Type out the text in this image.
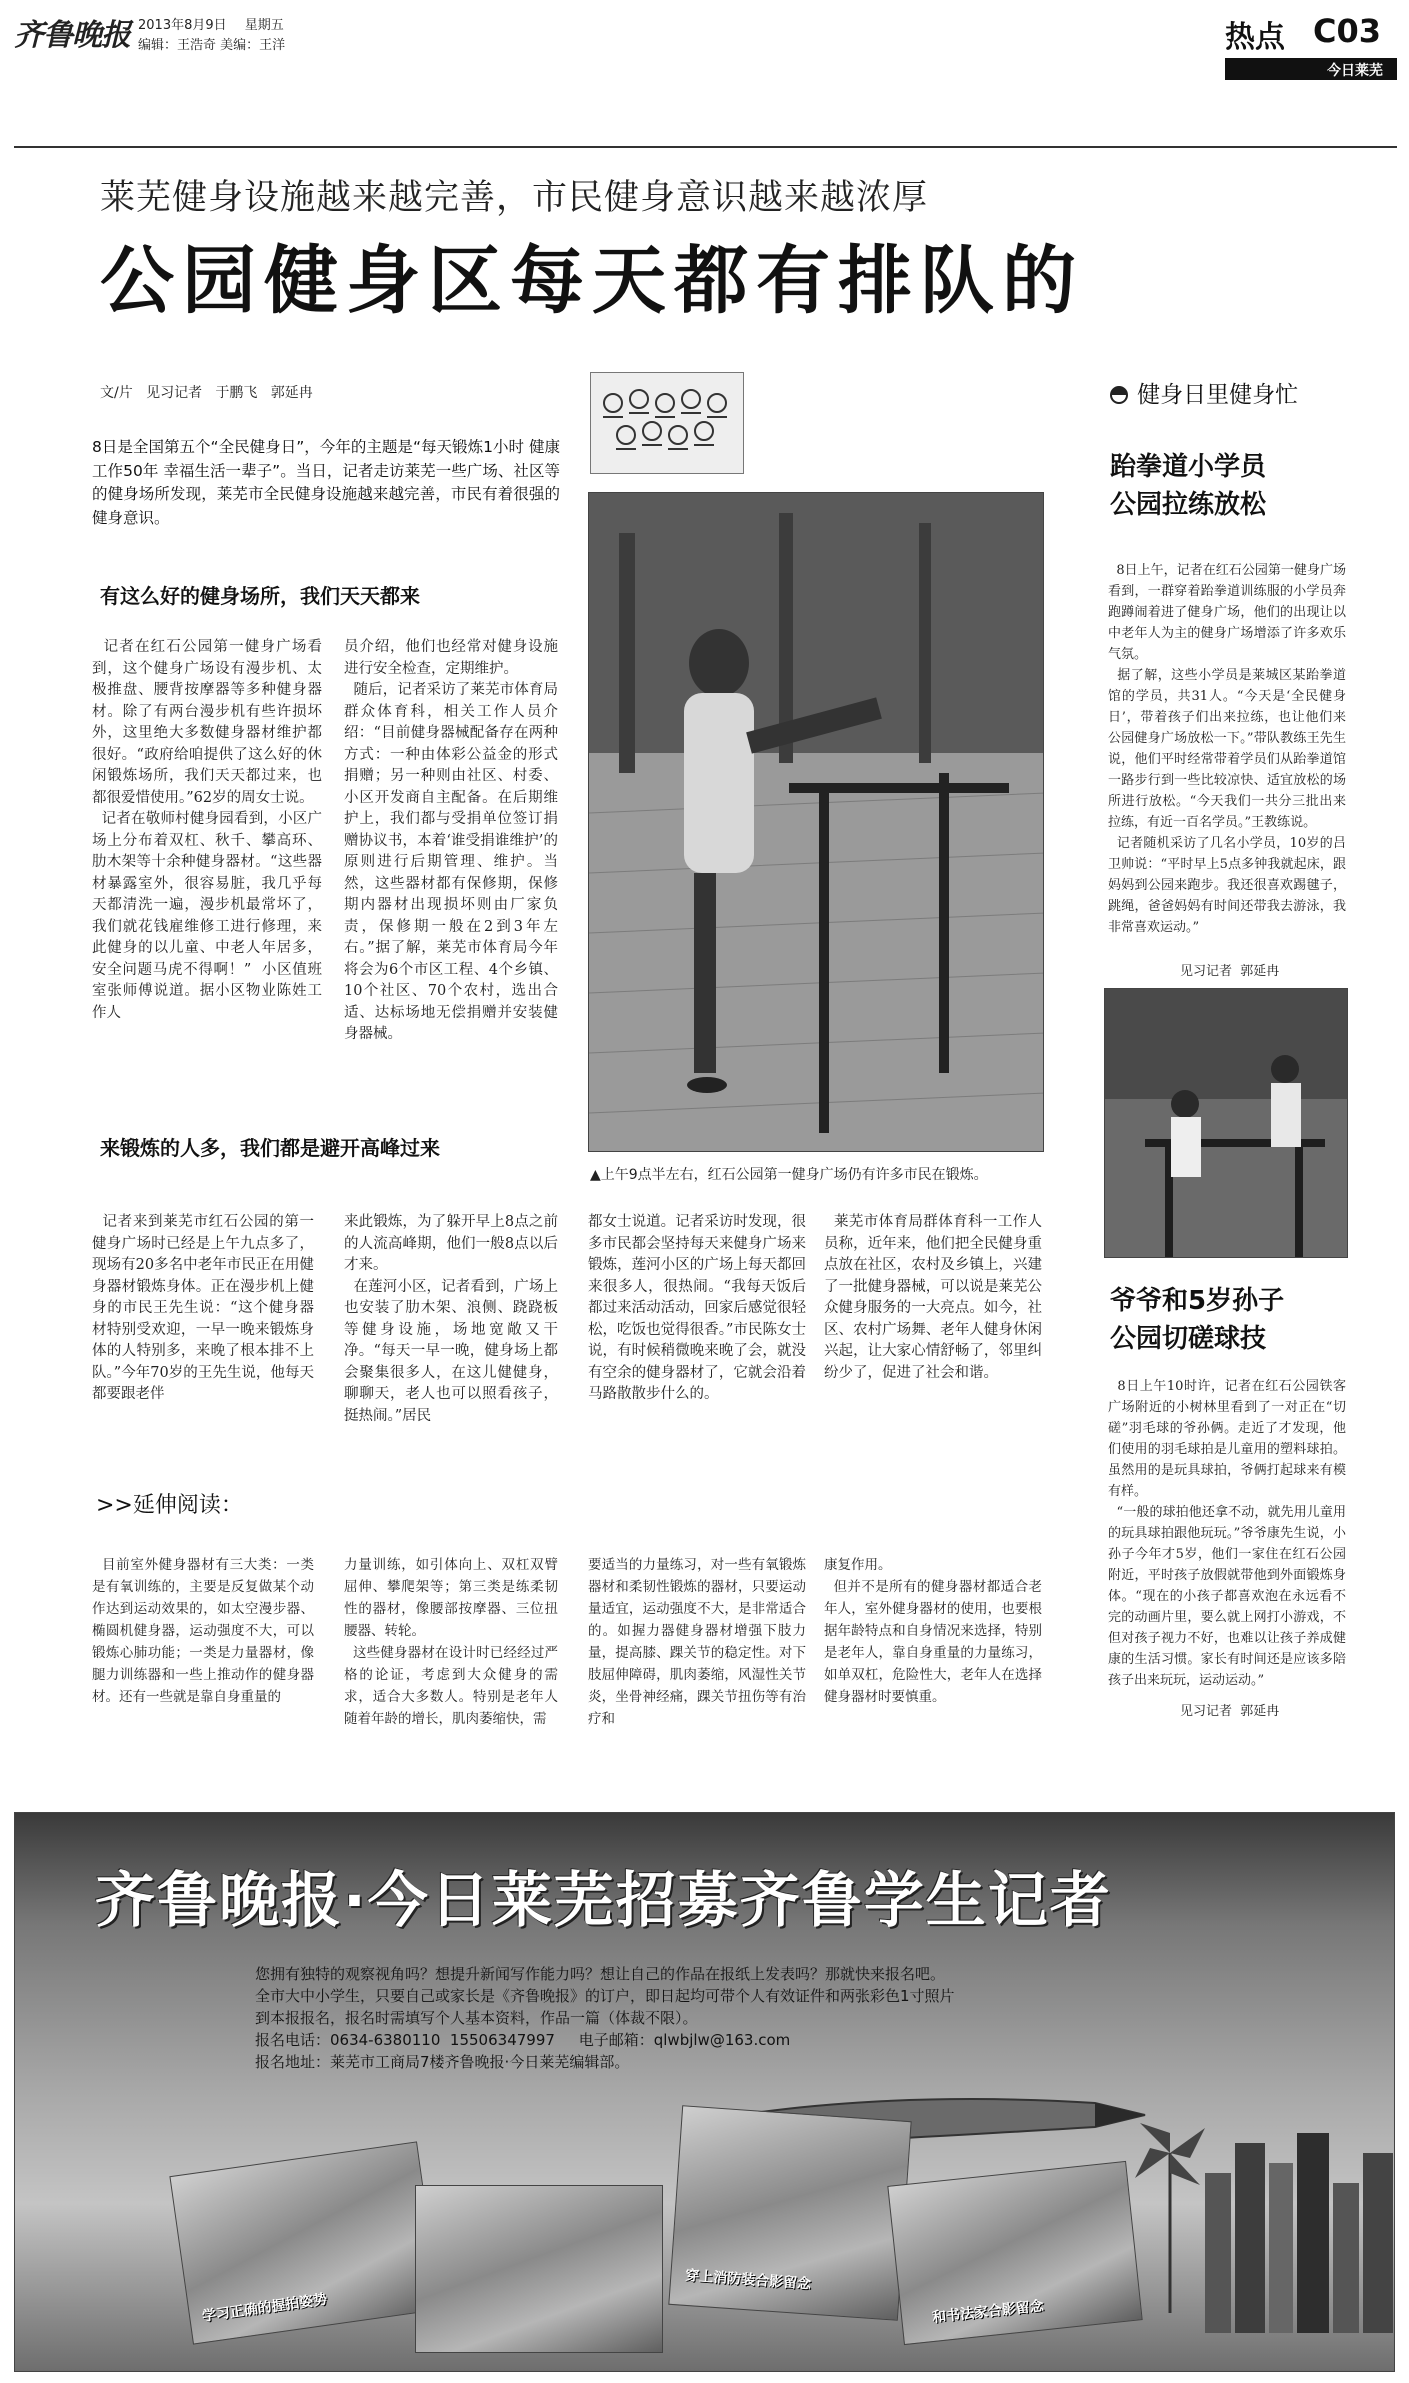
齐鲁晚报 2013年8月9日 星期五
编辑：王浩奇 美编：王洋	热点 C03
今日莱芜
莱芜健身设施越来越完善，市民健身意识越来越浓厚
公园健身区每天都有排队的
文/片   见习记者   于鹏飞   郭延冉
8日是全国第五个“全民健身日”，今年的主题是“每天锻炼1小时 健康工作50年 幸福生活一辈子”。当日，记者走访莱芜一些广场、社区等的健身场所发现，莱芜市全民健身设施越来越完善，市民有着很强的健身意识。
有这么好的健身场所，我们天天都来
记者在红石公园第一健身广场看到，这个健身广场设有漫步机、太极推盘、腰背按摩器等多种健身器材。除了有两台漫步机有些许损坏外，这里绝大多数健身器材维护都很好。“政府给咱提供了这么好的休闲锻炼场所，我们天天都过来，也都很爱惜使用。”62岁的周女士说。
记者在敬师村健身园看到，小区广场上分布着双杠、秋千、攀高环、肋木架等十余种健身器材。“这些器材暴露室外，很容易脏，我几乎每天都清洗一遍，漫步机最常坏了，我们就花钱雇维修工进行修理，来此健身的以儿童、中老人年居多，安全问题马虎不得啊！”  小区值班室张师傅说道。据小区物业陈姓工作人
员介绍，他们也经常对健身设施进行安全检查，定期维护。
随后，记者采访了莱芜市体育局群众体育科，相关工作人员介绍：“目前健身器械配备存在两种方式：一种由体彩公益金的形式捐赠；另一种则由社区、村委、小区开发商自主配备。在后期维护上，我们都与受捐单位签订捐赠协议书，本着‘谁受捐谁维护’的原则进行后期管理、维护。当然，这些器材都有保修期，保修期内器材出现损坏则由厂家负责，保修期一般在2到3年左右。”据了解，莱芜市体育局今年将会为6个市区工程、4个乡镇、10个社区、70个农村，选出合适、达标场地无偿捐赠并安装健身器械。
▲上午9点半左右，红石公园第一健身广场仍有许多市民在锻炼。
来锻炼的人多，我们都是避开高峰过来
记者来到莱芜市红石公园的第一健身广场时已经是上午九点多了，现场有20多名中老年市民正在用健身器材锻炼身体。正在漫步机上健身的市民王先生说：“这个健身器材特别受欢迎，一早一晚来锻炼身体的人特别多，来晚了根本排不上队。”今年70岁的王先生说，他每天都要跟老伴
来此锻炼，为了躲开早上8点之前的人流高峰期，他们一般8点以后才来。
在莲河小区，记者看到，广场上也安装了肋木架、浪侧、跷跷板等健身设施，场地宽敞又干净。“每天一早一晚，健身场上都会聚集很多人，在这儿健健身，聊聊天，老人也可以照看孩子，挺热闹。”居民
都女士说道。记者采访时发现，很多市民都会坚持每天来健身广场来锻炼，莲河小区的广场上每天都回来很多人，很热闹。“我每天饭后都过来活动活动，回家后感觉很轻松，吃饭也觉得很香。”市民陈女士说，有时候稍微晚来晚了会，就没有空余的健身器材了，它就会沿着马路散散步什么的。
莱芜市体育局群体育科一工作人员称，近年来，他们把全民健身重点放在社区，农村及乡镇上，兴建了一批健身器械，可以说是莱芜公众健身服务的一大亮点。如今，社区、农村广场舞、老年人健身休闲兴起，让大家心情舒畅了，邻里纠纷少了，促进了社会和谐。
健身日里健身忙
跆拳道小学员
公园拉练放松
8日上午，记者在红石公园第一健身广场看到，一群穿着跆拳道训练服的小学员奔跑蹲闹着进了健身广场，他们的出现让以中老年人为主的健身广场增添了许多欢乐气氛。
据了解，这些小学员是莱城区某跆拳道馆的学员，共31人。“今天是‘全民健身日’，带着孩子们出来拉练，也让他们来公园健身广场放松一下。”带队教练王先生说，他们平时经常带着学员们从跆拳道馆一路步行到一些比较凉快、适宜放松的场所进行放松。“今天我们一共分三批出来拉练，有近一百名学员。”王教练说。
记者随机采访了几名小学员，10岁的吕卫帅说：“平时早上5点多钟我就起床，跟妈妈到公园来跑步。我还很喜欢踢毽子，跳绳，爸爸妈妈有时间还带我去游泳，我非常喜欢运动。”
见习记者  郭延冉
爷爷和5岁孙子
公园切磋球技
8日上午10时许，记者在红石公园铁客广场附近的小树林里看到了一对正在“切磋”羽毛球的爷孙俩。走近了才发现，他们使用的羽毛球拍是儿童用的塑料球拍。虽然用的是玩具球拍，爷俩打起球来有模有样。
“一般的球拍他还拿不动，就先用儿童用的玩具球拍跟他玩玩。”爷爷康先生说，小孙子今年才5岁，他们一家住在红石公园附近，平时孩子放假就带他到外面锻炼身体。“现在的小孩子都喜欢泡在永远看不完的动画片里，要么就上网打小游戏，不但对孩子视力不好，也难以让孩子养成健康的生活习惯。家长有时间还是应该多陪孩子出来玩玩，运动运动。”
见习记者  郭延冉
>>延伸阅读：
目前室外健身器材有三大类：一类是有氧训练的，主要是反复做某个动作达到运动效果的，如太空漫步器、椭圆机健身器，运动强度不大，可以锻炼心肺功能；一类是力量器材，像腿力训练器和一些上推动作的健身器材。还有一些就是靠自身重量的
力量训练，如引体向上、双杠双臂屈伸、攀爬架等；第三类是练柔韧性的器材，像腰部按摩器、三位扭腰器、转轮。
这些健身器材在设计时已经经过严格的论证，考虑到大众健身的需求，适合大多数人。特别是老年人随着年龄的增长，肌肉萎缩快，需
要适当的力量练习，对一些有氧锻炼器材和柔韧性锻炼的器材，只要运动量适宜，运动强度不大，是非常适合的。如握力器健身器材增强下肢力量，提高膝、踝关节的稳定性。对下肢屈伸障碍，肌肉萎缩，风湿性关节炎，坐骨神经痛，踝关节扭伤等有治疗和
康复作用。
但并不是所有的健身器材都适合老年人，室外健身器材的使用，也要根据年龄特点和自身情况来选择，特别是老年人，靠自身重量的力量练习，如单双杠，危险性大，老年人在选择健身器材时要慎重。
齐鲁晚报·今日莱芜招募齐鲁学生记者
您拥有独特的观察视角吗？想提升新闻写作能力吗？想让自己的作品在报纸上发表吗？那就快来报名吧。
全市大中小学生，只要自己或家长是《齐鲁晚报》的订户，即日起均可带个人有效证件和两张彩色1寸照片
到本报报名，报名时需填写个人基本资料，作品一篇（体裁不限）。
报名电话：0634-6380110  15506347997     电子邮箱：qlwbjlw@163.com
报名地址：莱芜市工商局7楼齐鲁晚报·今日莱芜编辑部。
学习正确的握拍姿势
穿上消防装合影留念
和书法家合影留念
